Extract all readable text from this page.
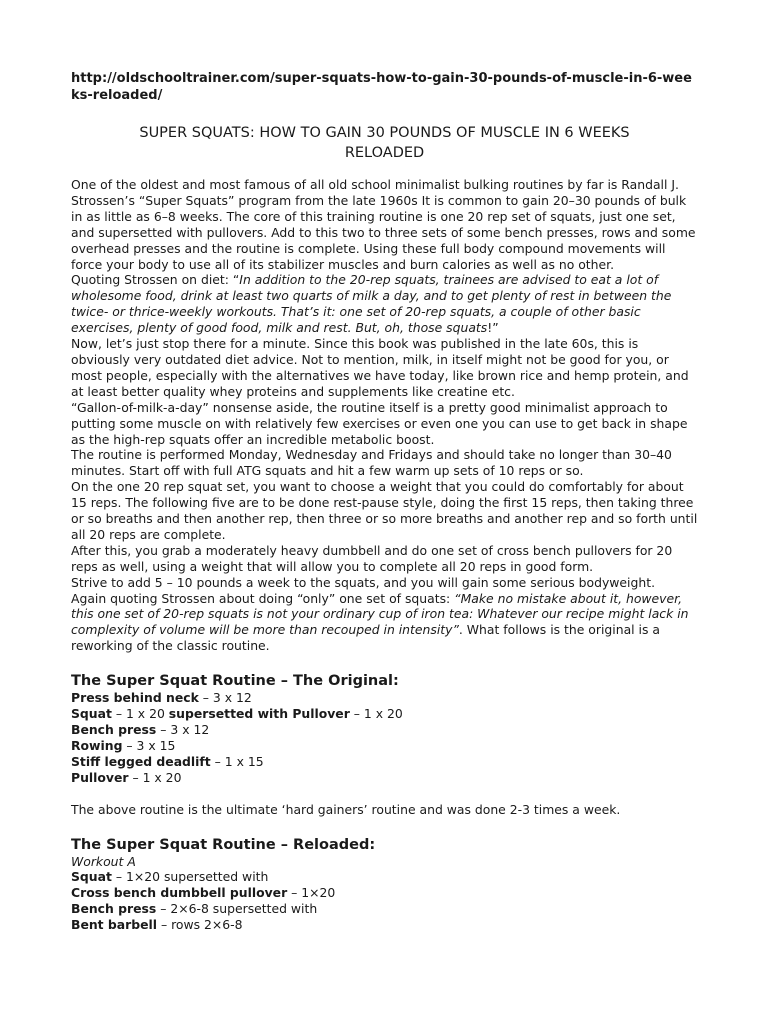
http://oldschooltrainer.com/super-squats-how-to-gain-30-pounds-of-muscle-in-6-weeks-reloaded/

SUPER SQUATS: HOW TO GAIN 30 POUNDS OF MUSCLE IN 6 WEEKS
RELOADED

One of the oldest and most famous of all old school minimalist bulking routines by far is Randall J. Strossen’s “Super Squats” program from the late 1960s It is common to gain 20–30 pounds of bulk in as little as 6–8 weeks. The core of this training routine is one 20 rep set of squats, just one set, and supersetted with pullovers. Add to this two to three sets of some bench presses, rows and some overhead presses and the routine is complete. Using these full body compound movements will force your body to use all of its stabilizer muscles and burn calories as well as no other.

Quoting Strossen on diet: “In addition to the 20-rep squats, trainees are advised to eat a lot of wholesome food, drink at least two quarts of milk a day, and to get plenty of rest in between the twice- or thrice-weekly workouts. That’s it: one set of 20-rep squats, a couple of other basic exercises, plenty of good food, milk and rest. But, oh, those squats!”

Now, let’s just stop there for a minute. Since this book was published in the late 60s, this is obviously very outdated diet advice. Not to mention, milk, in itself might not be good for you, or most people, especially with the alternatives we have today, like brown rice and hemp protein, and at least better quality whey proteins and supplements like creatine etc.

“Gallon-of-milk-a-day” nonsense aside, the routine itself is a pretty good minimalist approach to putting some muscle on with relatively few exercises or even one you can use to get back in shape as the high-rep squats offer an incredible metabolic boost.

The routine is performed Monday, Wednesday and Fridays and should take no longer than 30–40 minutes. Start off with full ATG squats and hit a few warm up sets of 10 reps or so.

On the one 20 rep squat set, you want to choose a weight that you could do comfortably for about 15 reps. The following five are to be done rest-pause style, doing the first 15 reps, then taking three or so breaths and then another rep, then three or so more breaths and another rep and so forth until all 20 reps are complete.

After this, you grab a moderately heavy dumbbell and do one set of cross bench pullovers for 20 reps as well, using a weight that will allow you to complete all 20 reps in good form.

Strive to add 5 – 10 pounds a week to the squats, and you will gain some serious bodyweight.

Again quoting Strossen about doing “only” one set of squats: “Make no mistake about it, however, this one set of 20-rep squats is not your ordinary cup of iron tea: Whatever our recipe might lack in complexity of volume will be more than recouped in intensity”. What follows is the original is a reworking of the classic routine.

The Super Squat Routine – The Original:
Press behind neck – 3 x 12
Squat – 1 x 20 supersetted with Pullover – 1 x 20
Bench press – 3 x 12
Rowing – 3 x 15
Stiff legged deadlift – 1 x 15
Pullover – 1 x 20

The above routine is the ultimate ‘hard gainers’ routine and was done 2-3 times a week.

The Super Squat Routine – Reloaded:

Workout A

Squat – 1×20 supersetted with
Cross bench dumbbell pullover – 1×20
Bench press – 2×6-8 supersetted with
Bent barbell – rows 2×6-8
